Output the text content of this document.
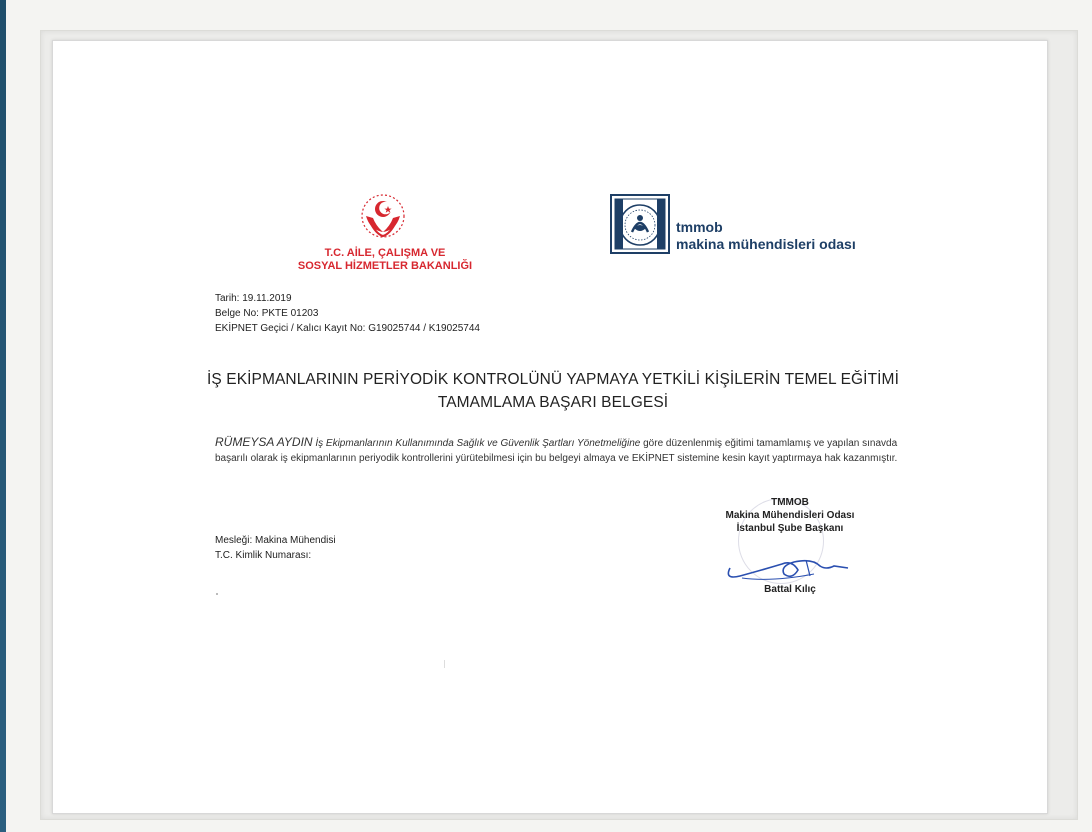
T.C. AİLE, ÇALIŞMA VE
SOSYAL HİZMETLER BAKANLIĞI
tmmob
makina mühendisleri odası
Tarih: 19.11.2019
Belge No: PKTE 01203
EKİPNET Geçici / Kalıcı Kayıt No: G19025744 / K19025744
İŞ EKİPMANLARININ PERİYODİK KONTROLÜNÜ YAPMAYA YETKİLİ KİŞİLERİN TEMEL EĞİTİMİ
TAMAMLAMA BAŞARI BELGESİ
RÜMEYSA AYDIN İş Ekipmanlarının Kullanımında Sağlık ve Güvenlik Şartları Yönetmeliğine göre düzenlenmiş eğitimi tamamlamış ve yapılan sınavda başarılı olarak iş ekipmanlarının periyodik kontrollerini yürütebilmesi için bu belgeyi almaya ve EKİPNET sistemine kesin kayıt yaptırmaya hak kazanmıştır.
TMMOB
Makina Mühendisleri Odası
İstanbul Şube Başkanı
Battal Kılıç
Mesleği: Makina Mühendisi
T.C. Kimlik Numarası:
